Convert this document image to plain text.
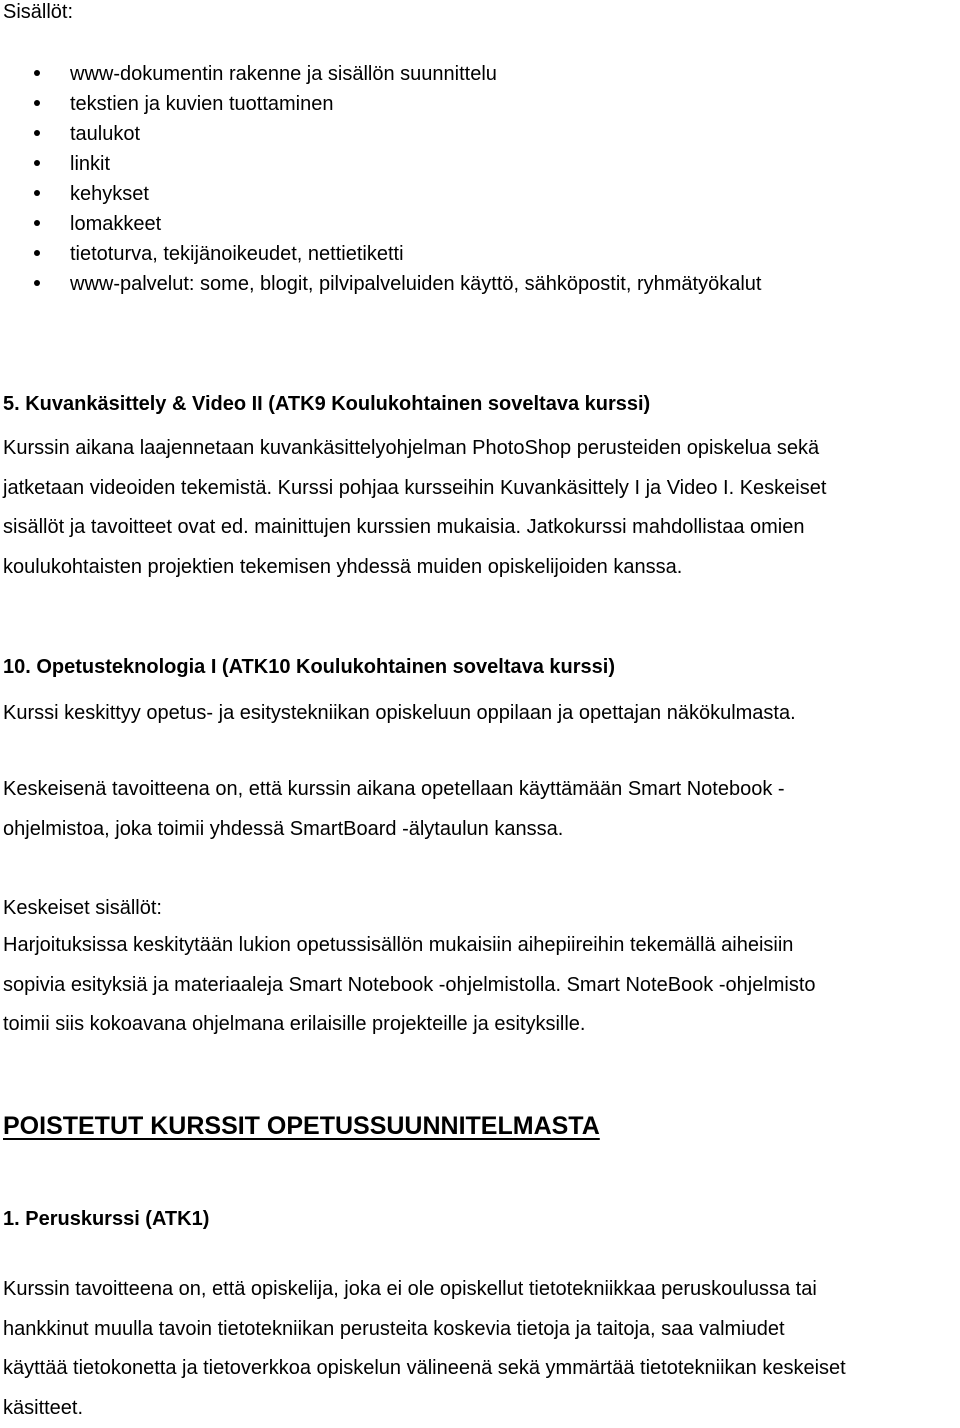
Sisällöt:
www-dokumentin rakenne ja sisällön suunnittelu
tekstien ja kuvien tuottaminen
taulukot
linkit
kehykset
lomakkeet
tietoturva, tekijänoikeudet, nettietiketti
www-palvelut: some, blogit, pilvipalveluiden käyttö, sähköpostit, ryhmätyökalut
5. Kuvankäsittely & Video II (ATK9 Koulukohtainen soveltava kurssi)

Kurssin aikana laajennetaan kuvankäsittelyohjelman PhotoShop perusteiden opiskelua sekä
jatketaan videoiden tekemistä. Kurssi pohjaa kursseihin Kuvankäsittely I ja Video I. Keskeiset
sisällöt ja tavoitteet ovat ed. mainittujen kurssien mukaisia. Jatkokurssi mahdollistaa omien
koulukohtaisten projektien tekemisen yhdessä muiden opiskelijoiden kanssa.

10. Opetusteknologia I (ATK10 Koulukohtainen soveltava kurssi)
Kurssi keskittyy opetus- ja esitystekniikan opiskeluun oppilaan ja opettajan näkökulmasta.

Keskeisenä tavoitteena on, että kurssin aikana opetellaan käyttämään Smart Notebook -
ohjelmistoa, joka toimii yhdessä SmartBoard -älytaulun kanssa.

Keskeiset sisällöt:

Harjoituksissa keskitytään lukion opetussisällön mukaisiin aihepiireihin tekemällä aiheisiin
sopivia esityksiä ja materiaaleja Smart Notebook -ohjelmistolla. Smart NoteBook -ohjelmisto
toimii siis kokoavana ohjelmana erilaisille projekteille ja esityksille.

POISTETUT KURSSIT OPETUSSUUNNITELMASTA
1. Peruskurssi (ATK1)

Kurssin tavoitteena on, että opiskelija, joka ei ole opiskellut tietotekniikkaa peruskoulussa tai
hankkinut muulla tavoin tietotekniikan perusteita koskevia tietoja ja taitoja, saa valmiudet
käyttää tietokonetta ja tietoverkkoa opiskelun välineenä sekä ymmärtää tietotekniikan keskeiset
käsitteet.
